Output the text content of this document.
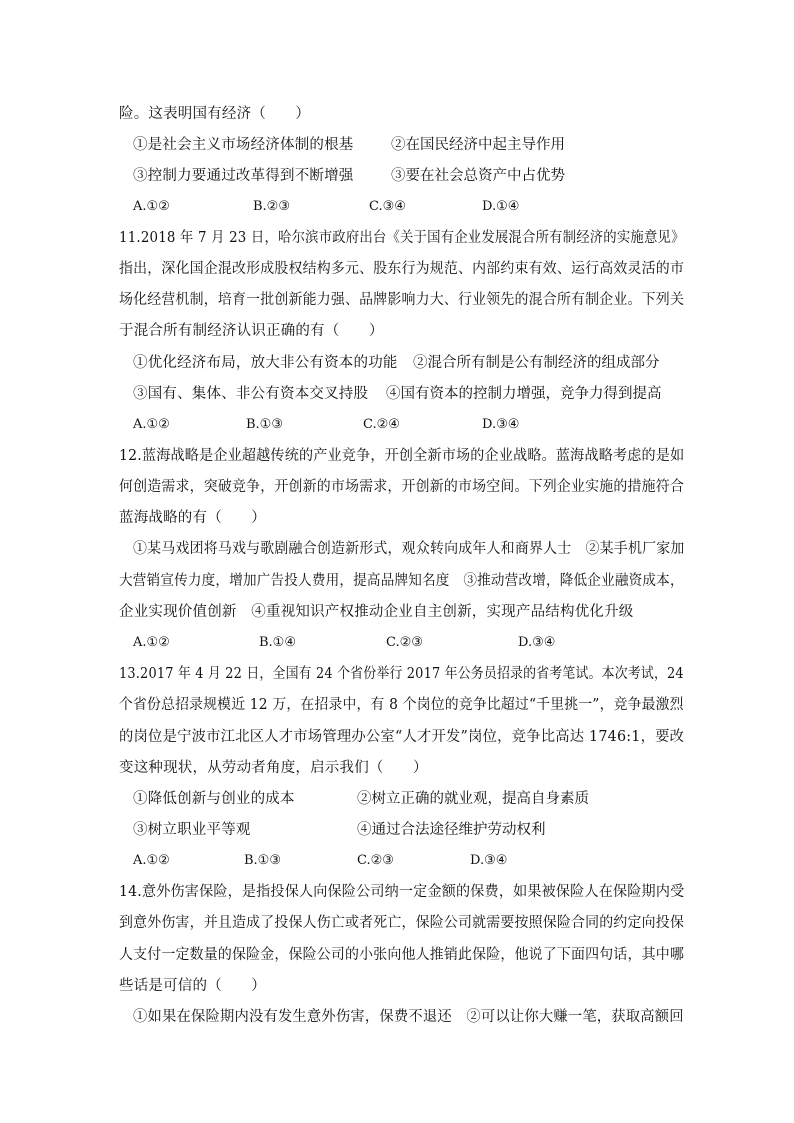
险。这表明国有经济（　　）
①是社会主义市场经济体制的根基	②在国民经济中起主导作用
③控制力要通过改革得到不断增强	③要在社会总资产中占优势
A.①②	B.②③	C.③④	D.①④
11.2018 年 7 月 23 日，哈尔滨市政府出台《关于国有企业发展混合所有制经济的实施意见》
指出，深化国企混改形成股权结构多元、股东行为规范、内部约束有效、运行高效灵活的市
场化经营机制，培育一批创新能力强、品牌影响力大、行业领先的混合所有制企业。下列关
于混合所有制经济认识正确的有（　　）
①优化经济布局，放大非公有资本的功能 ②混合所有制是公有制经济的组成部分
③国有、集体、非公有资本交叉持股 ④国有资本的控制力增强，竞争力得到提高
A.①②	B.①③	C.②④	D.③④
12.蓝海战略是企业超越传统的产业竞争，开创全新市场的企业战略。蓝海战略考虑的是如
何创造需求，突破竞争，开创新的市场需求，开创新的市场空间。下列企业实施的措施符合
蓝海战略的有（　　）
①某马戏团将马戏与歌剧融合创造新形式，观众转向成年人和商界人士　②某手机厂家加
大营销宣传力度，增加广告投人费用，提高品牌知名度　③推动营改增，降低企业融资成本，
企业实现价值创新　④重视知识产权推动企业自主创新，实现产品结构优化升级
A.①②	B.①④	C.②③	D.③④
13.2017 年 4 月 22 日，全国有 24 个省份举行 2017 年公务员招录的省考笔试。本次考试，24
个省份总招录规模近 12 万，在招录中，有 8 个岗位的竞争比超过“千里挑一”，竞争最激烈
的岗位是宁波市江北区人才市场管理办公室“人才开发”岗位，竞争比高达 1746:1，要改
变这种现状，从劳动者角度，启示我们（　　）
①降低创新与创业的成本	②树立正确的就业观，提高自身素质
③树立职业平等观	④通过合法途径维护劳动权利
A.①②	B.①③	C.②③	D.③④
14.意外伤害保险，是指投保人向保险公司纳一定金额的保费，如果被保险人在保险期内受
到意外伤害，并且造成了投保人伤亡或者死亡，保险公司就需要按照保险合同的约定向投保
人支付一定数量的保险金，保险公司的小张向他人推销此保险，他说了下面四句话，其中哪
些话是可信的（　　）
①如果在保险期内没有发生意外伤害，保费不退还　②可以让你大赚一笔，获取高额回
